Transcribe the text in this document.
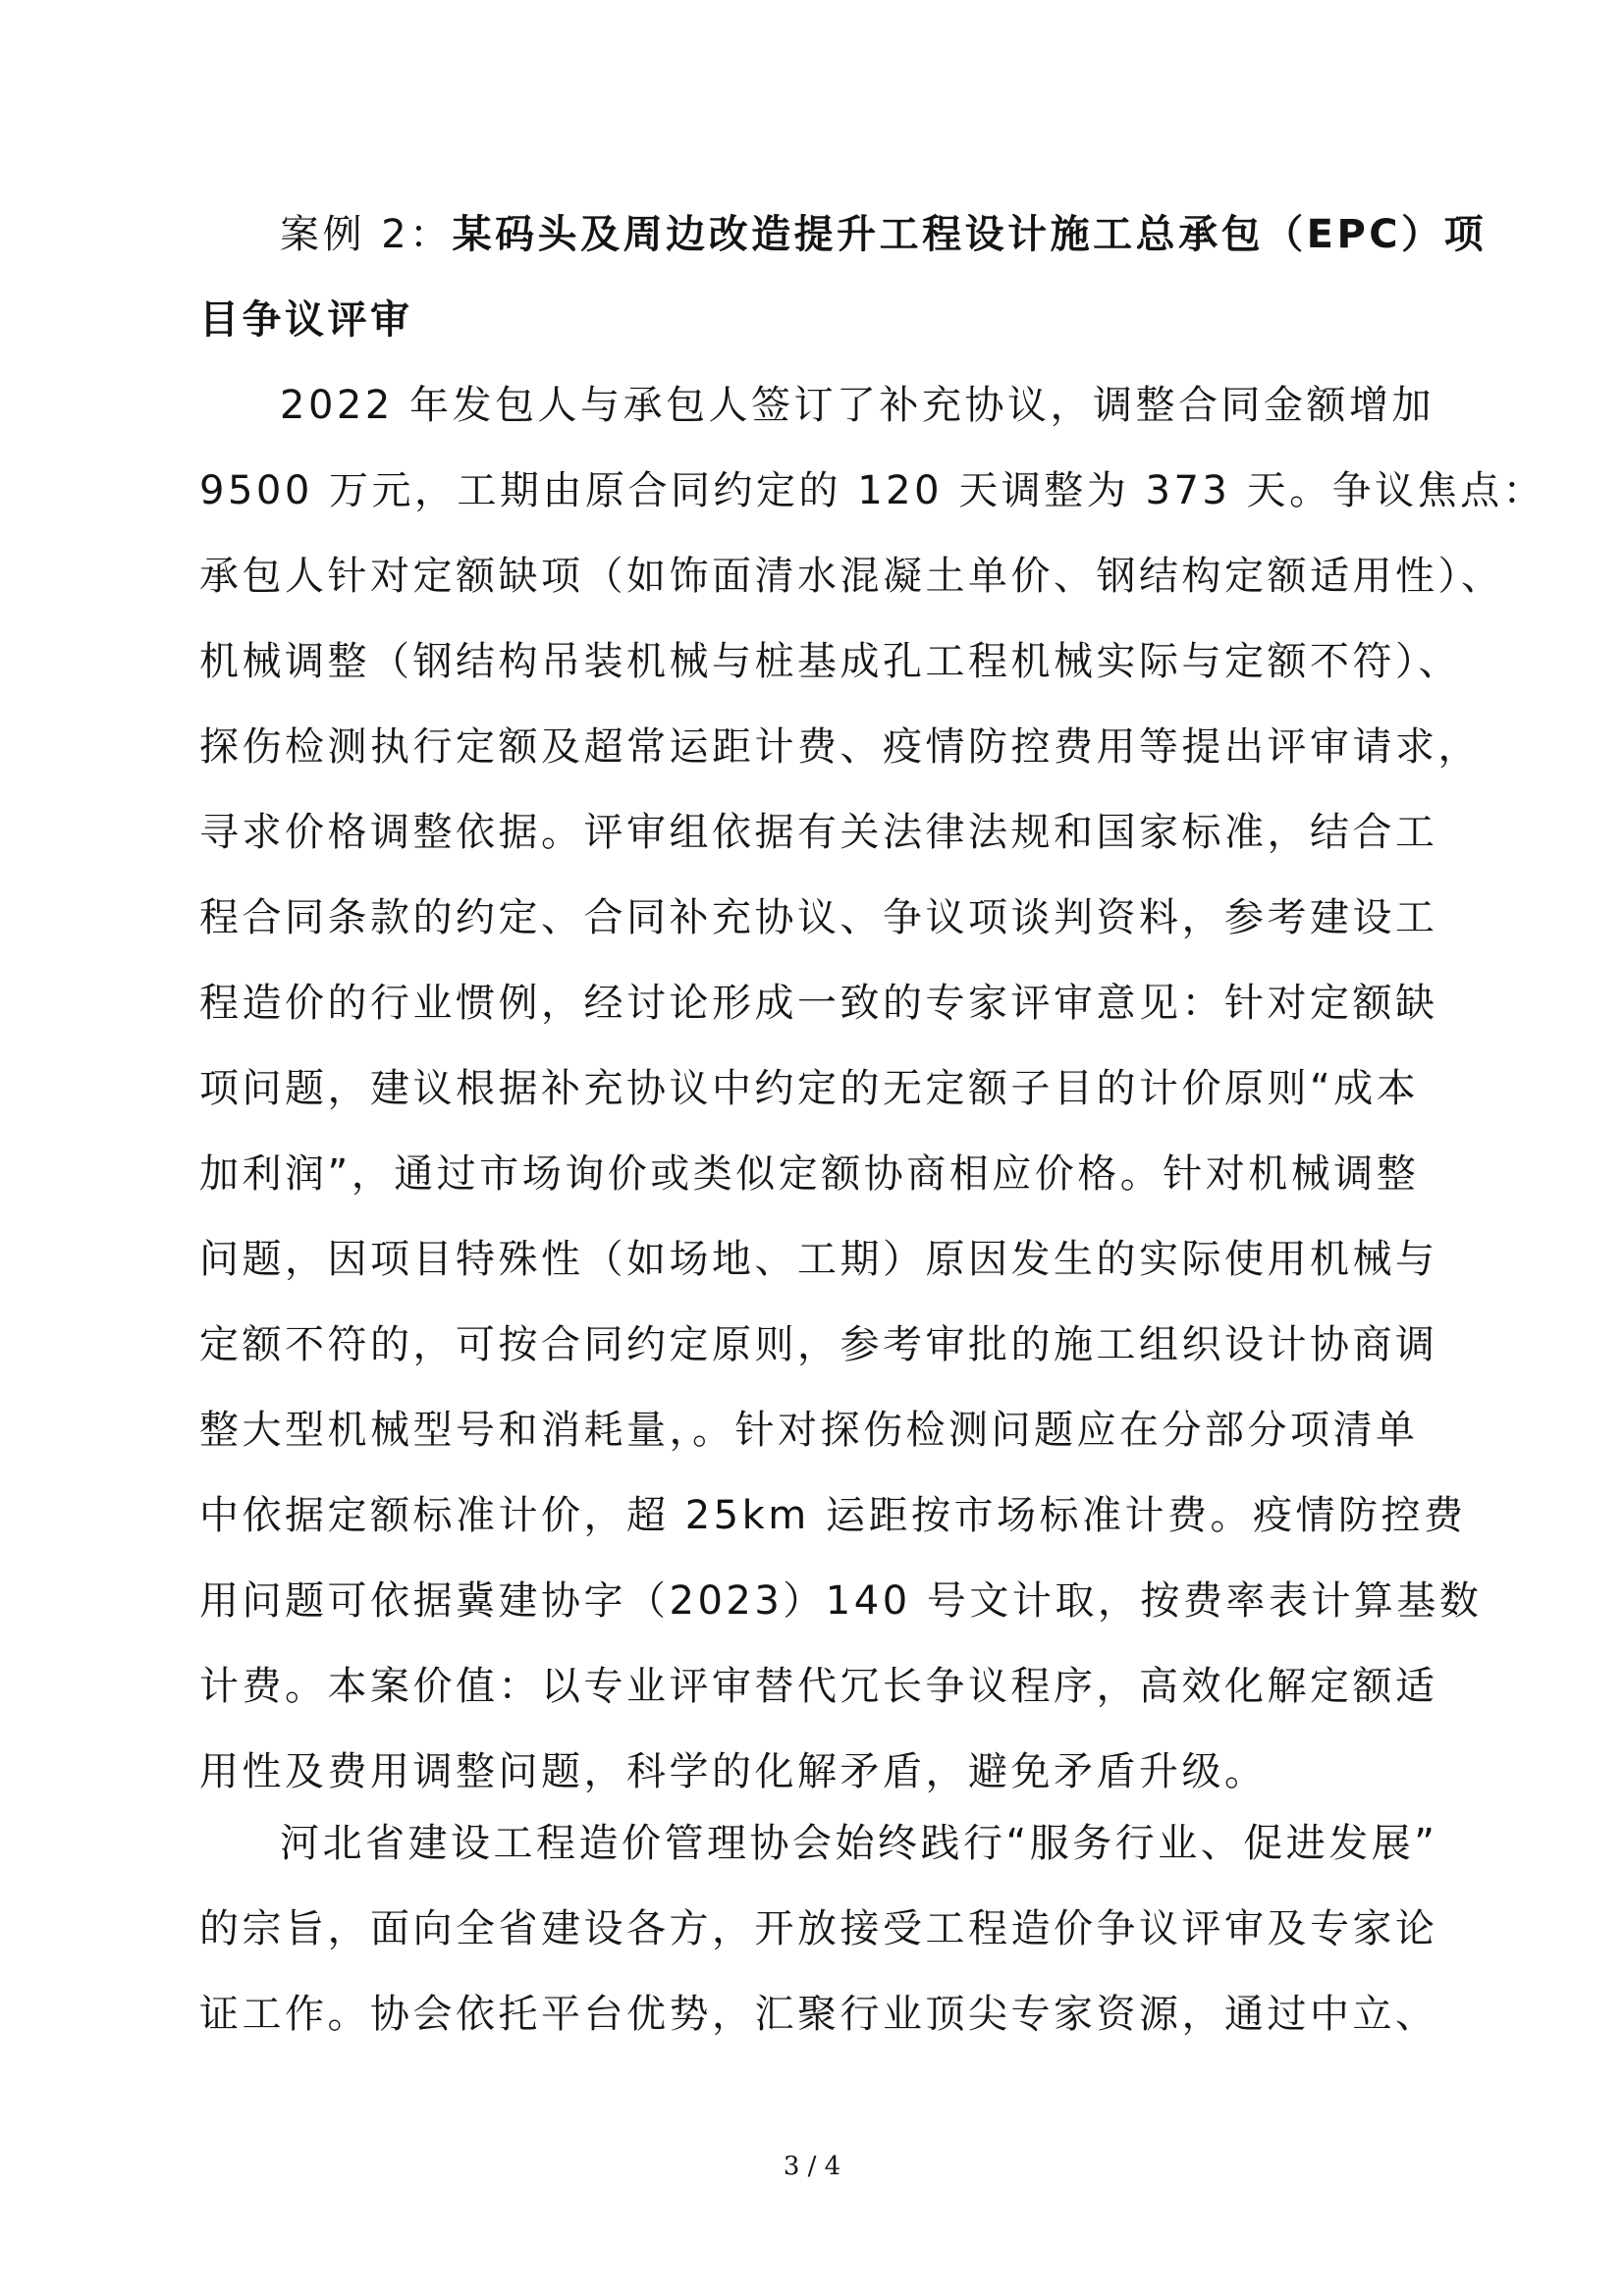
案例 2：某码头及周边改造提升工程设计施工总承包（EPC）项
目争议评审
2022 年发包人与承包人签订了补充协议，调整合同金额增加
9500 万元，工期由原合同约定的 120 天调整为 373 天。争议焦点：
承包人针对定额缺项（如饰面清水混凝土单价、钢结构定额适用性）、
机械调整（钢结构吊装机械与桩基成孔工程机械实际与定额不符）、
探伤检测执行定额及超常运距计费、疫情防控费用等提出评审请求，
寻求价格调整依据。评审组依据有关法律法规和国家标准，结合工
程合同条款的约定、合同补充协议、争议项谈判资料，参考建设工
程造价的行业惯例，经讨论形成一致的专家评审意见：针对定额缺
项问题，建议根据补充协议中约定的无定额子目的计价原则“成本
加利润”，通过市场询价或类似定额协商相应价格。针对机械调整
问题，因项目特殊性（如场地、工期）原因发生的实际使用机械与
定额不符的，可按合同约定原则，参考审批的施工组织设计协商调
整大型机械型号和消耗量，。针对探伤检测问题应在分部分项清单
中依据定额标准计价，超 25km 运距按市场标准计费。疫情防控费
用问题可依据冀建协字（2023）140 号文计取，按费率表计算基数
计费。本案价值：以专业评审替代冗长争议程序，高效化解定额适
用性及费用调整问题，科学的化解矛盾，避免矛盾升级。
河北省建设工程造价管理协会始终践行“服务行业、促进发展”
的宗旨，面向全省建设各方，开放接受工程造价争议评审及专家论
证工作。协会依托平台优势，汇聚行业顶尖专家资源，通过中立、
3 / 4
